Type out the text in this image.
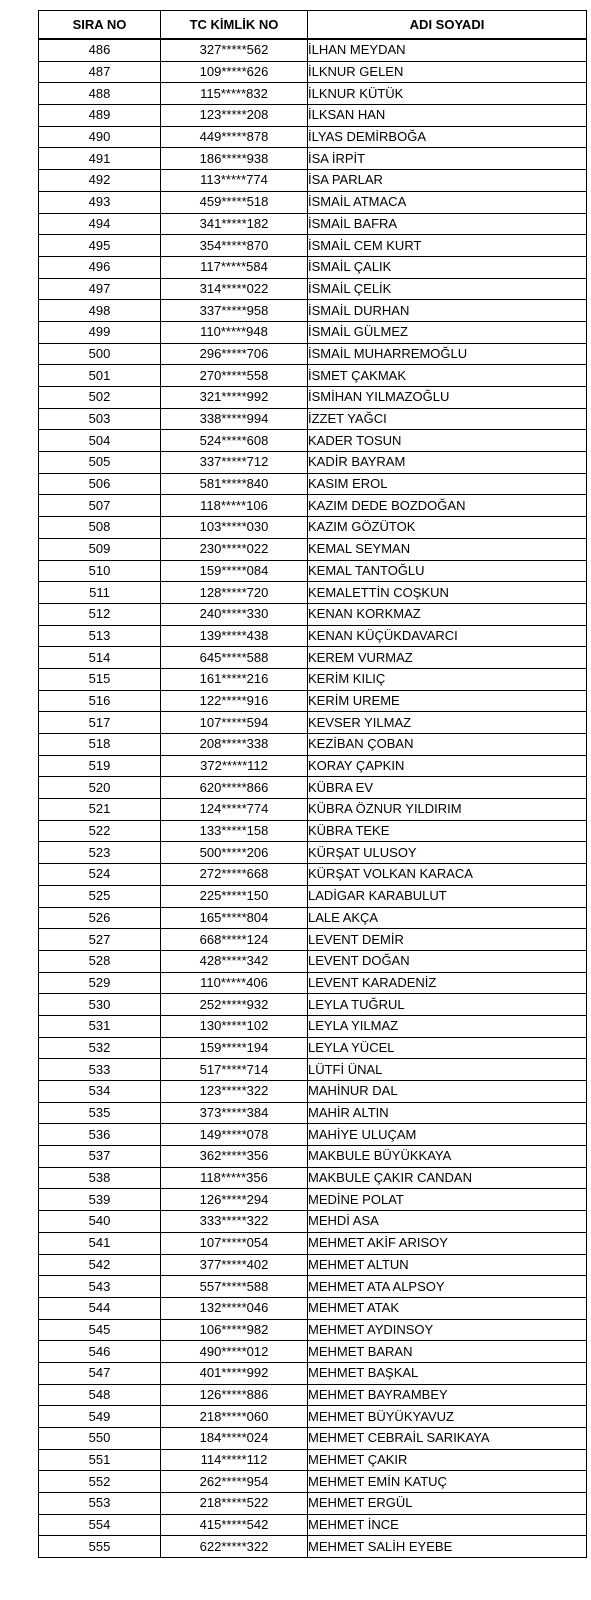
SIRA NO	TC KİMLİK NO	ADI SOYADI
486	327*****562	İLHAN MEYDAN
487	109*****626	İLKNUR GELEN
488	115*****832	İLKNUR KÜTÜK
489	123*****208	İLKSAN HAN
490	449*****878	İLYAS DEMİRBOĞA
491	186*****938	İSA İRPİT
492	113*****774	İSA PARLAR
493	459*****518	İSMAİL ATMACA
494	341*****182	İSMAİL BAFRA
495	354*****870	İSMAİL CEM KURT
496	117*****584	İSMAİL ÇALIK
497	314*****022	İSMAİL ÇELİK
498	337*****958	İSMAİL DURHAN
499	110*****948	İSMAİL GÜLMEZ
500	296*****706	İSMAİL MUHARREMOĞLU
501	270*****558	İSMET ÇAKMAK
502	321*****992	İSMİHAN YILMAZOĞLU
503	338*****994	İZZET YAĞCI
504	524*****608	KADER TOSUN
505	337*****712	KADİR BAYRAM
506	581*****840	KASIM EROL
507	118*****106	KAZIM DEDE BOZDOĞAN
508	103*****030	KAZIM GÖZÜTOK
509	230*****022	KEMAL SEYMAN
510	159*****084	KEMAL TANTOĞLU
511	128*****720	KEMALETTİN COŞKUN
512	240*****330	KENAN KORKMAZ
513	139*****438	KENAN KÜÇÜKDAVARCI
514	645*****588	KEREM VURMAZ
515	161*****216	KERİM KILIÇ
516	122*****916	KERİM UREME
517	107*****594	KEVSER YILMAZ
518	208*****338	KEZİBAN ÇOBAN
519	372*****112	KORAY ÇAPKIN
520	620*****866	KÜBRA EV
521	124*****774	KÜBRA ÖZNUR YILDIRIM
522	133*****158	KÜBRA TEKE
523	500*****206	KÜRŞAT ULUSOY
524	272*****668	KÜRŞAT VOLKAN KARACA
525	225*****150	LADİGAR KARABULUT
526	165*****804	LALE AKÇA
527	668*****124	LEVENT DEMİR
528	428*****342	LEVENT DOĞAN
529	110*****406	LEVENT KARADENİZ
530	252*****932	LEYLA TUĞRUL
531	130*****102	LEYLA YILMAZ
532	159*****194	LEYLA YÜCEL
533	517*****714	LÜTFİ ÜNAL
534	123*****322	MAHİNUR DAL
535	373*****384	MAHİR ALTIN
536	149*****078	MAHİYE ULUÇAM
537	362*****356	MAKBULE BÜYÜKKAYA
538	118*****356	MAKBULE ÇAKIR CANDAN
539	126*****294	MEDİNE POLAT
540	333*****322	MEHDİ ASA
541	107*****054	MEHMET AKİF ARISOY
542	377*****402	MEHMET ALTUN
543	557*****588	MEHMET ATA ALPSOY
544	132*****046	MEHMET ATAK
545	106*****982	MEHMET AYDINSOY
546	490*****012	MEHMET BARAN
547	401*****992	MEHMET BAŞKAL
548	126*****886	MEHMET BAYRAMBEY
549	218*****060	MEHMET BÜYÜKYAVUZ
550	184*****024	MEHMET CEBRAİL SARIKAYA
551	114*****112	MEHMET ÇAKIR
552	262*****954	MEHMET EMİN KATUÇ
553	218*****522	MEHMET ERGÜL
554	415*****542	MEHMET İNCE
555	622*****322	MEHMET SALİH EYEBE
